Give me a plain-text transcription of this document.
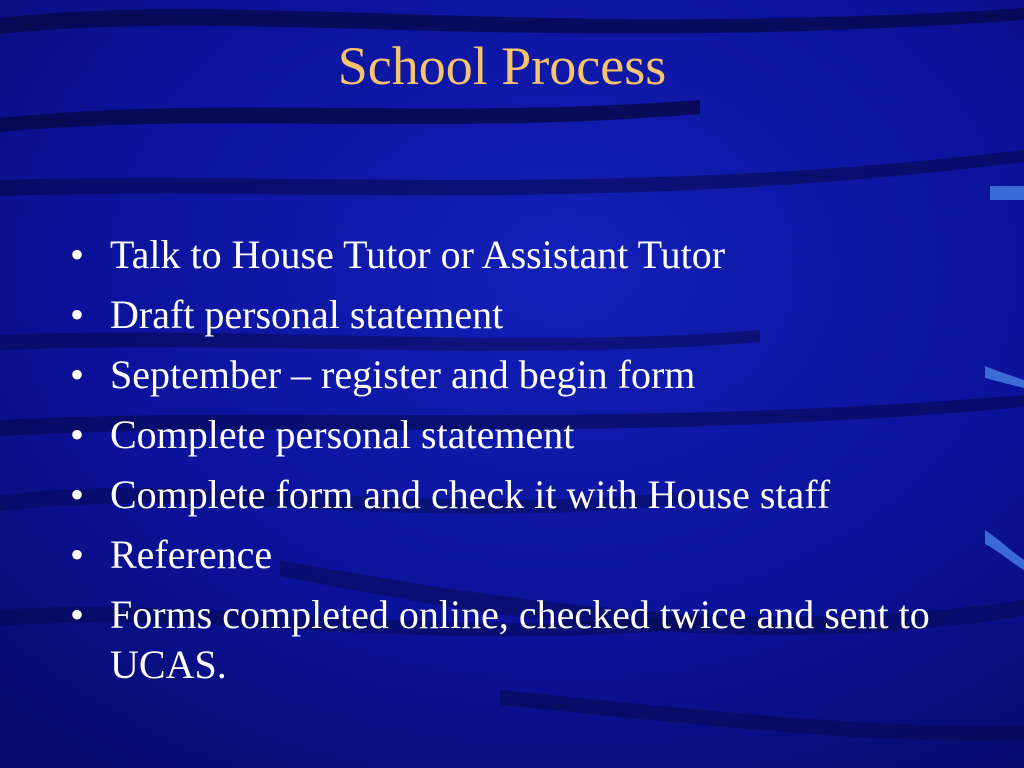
School Process
• Talk to House Tutor or Assistant Tutor
• Draft personal statement
• September – register and begin form
• Complete personal statement
• Complete form and check it with House staff
• Reference
• Forms completed online, checked twice and sent to UCAS.
